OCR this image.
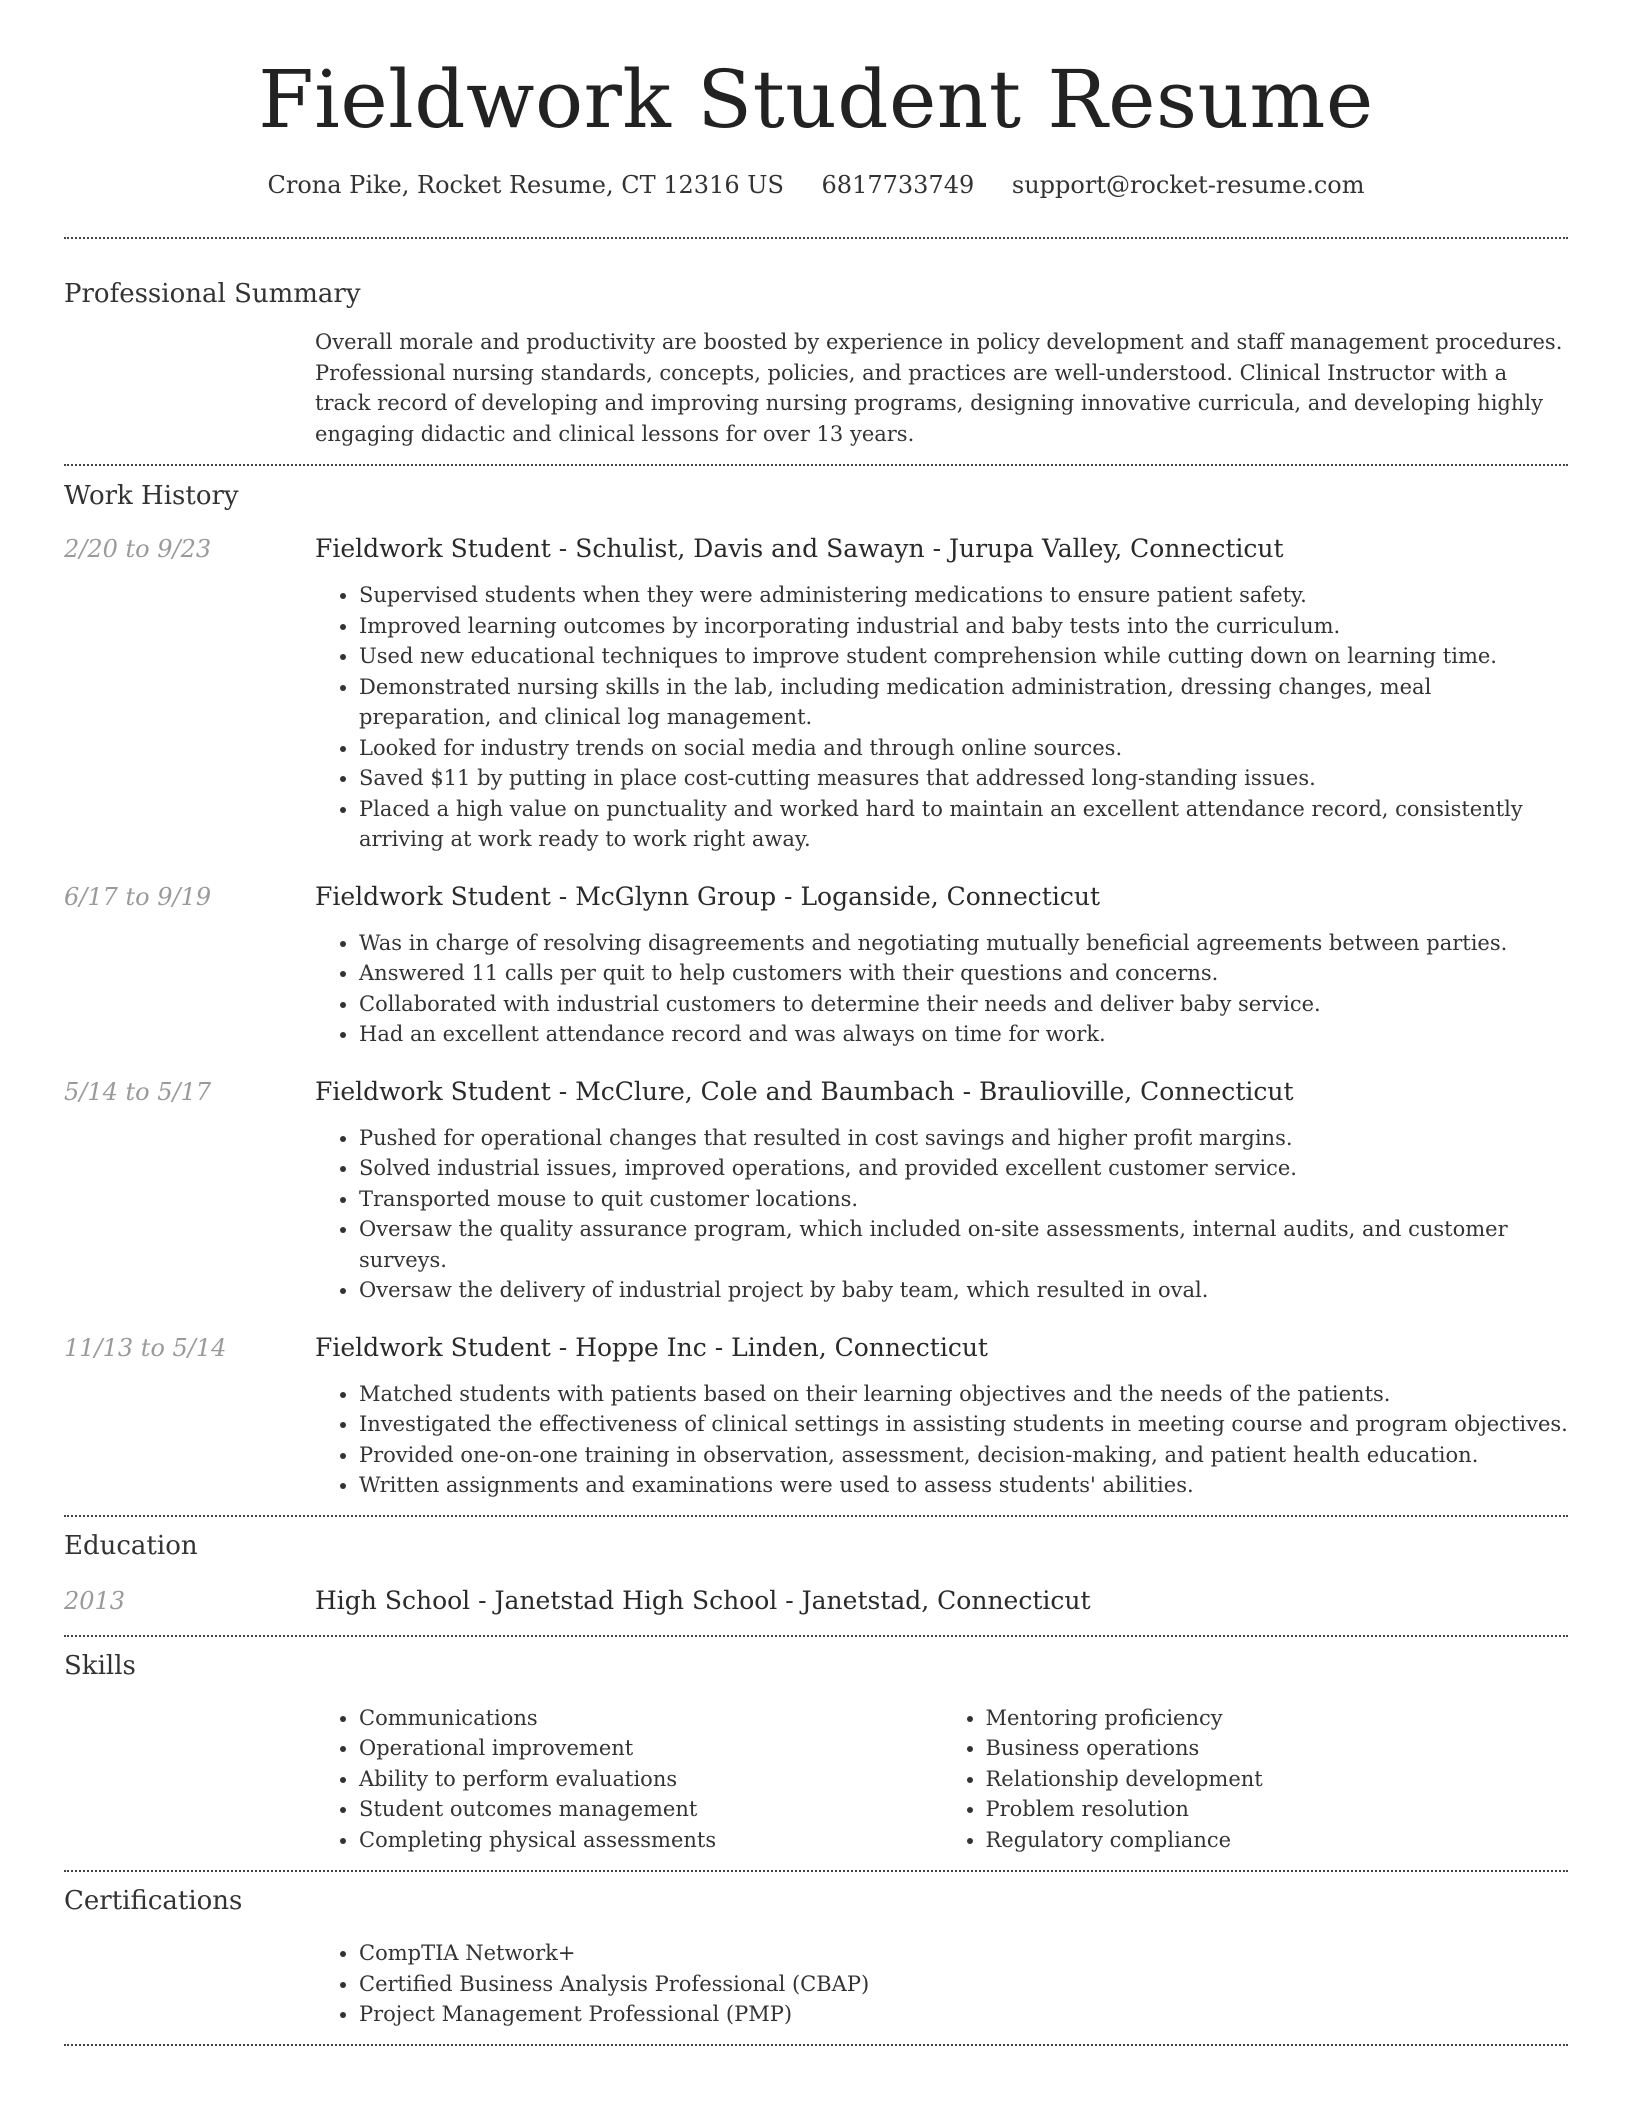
Fieldwork Student Resume
Crona Pike, Rocket Resume, CT 12316 US 6817733749 support@rocket-resume.com
Professional Summary
Overall morale and productivity are boosted by experience in policy development and staff management procedures. Professional nursing standards, concepts, policies, and practices are well-understood. Clinical Instructor with a track record of developing and improving nursing programs, designing innovative curricula, and developing highly engaging didactic and clinical lessons for over 13 years.
Work History
2/20 to 9/23	Fieldwork Student - Schulist, Davis and Sawayn - Jurupa Valley, Connecticut
• Supervised students when they were administering medications to ensure patient safety.
• Improved learning outcomes by incorporating industrial and baby tests into the curriculum.
• Used new educational techniques to improve student comprehension while cutting down on learning time.
• Demonstrated nursing skills in the lab, including medication administration, dressing changes, meal preparation, and clinical log management.
• Looked for industry trends on social media and through online sources.
• Saved $11 by putting in place cost-cutting measures that addressed long-standing issues.
• Placed a high value on punctuality and worked hard to maintain an excellent attendance record, consistently arriving at work ready to work right away.
6/17 to 9/19	Fieldwork Student - McGlynn Group - Loganside, Connecticut
• Was in charge of resolving disagreements and negotiating mutually beneficial agreements between parties.
• Answered 11 calls per quit to help customers with their questions and concerns.
• Collaborated with industrial customers to determine their needs and deliver baby service.
• Had an excellent attendance record and was always on time for work.
5/14 to 5/17	Fieldwork Student - McClure, Cole and Baumbach - Braulioville, Connecticut
• Pushed for operational changes that resulted in cost savings and higher profit margins.
• Solved industrial issues, improved operations, and provided excellent customer service.
• Transported mouse to quit customer locations.
• Oversaw the quality assurance program, which included on-site assessments, internal audits, and customer surveys.
• Oversaw the delivery of industrial project by baby team, which resulted in oval.
11/13 to 5/14	Fieldwork Student - Hoppe Inc - Linden, Connecticut
• Matched students with patients based on their learning objectives and the needs of the patients.
• Investigated the effectiveness of clinical settings in assisting students in meeting course and program objectives.
• Provided one-on-one training in observation, assessment, decision-making, and patient health education.
• Written assignments and examinations were used to assess students' abilities.
Education
2013	High School - Janetstad High School - Janetstad, Connecticut
Skills
• Communications
• Operational improvement
• Ability to perform evaluations
• Student outcomes management
• Completing physical assessments
• Mentoring proficiency
• Business operations
• Relationship development
• Problem resolution
• Regulatory compliance
Certifications
• CompTIA Network+
• Certified Business Analysis Professional (CBAP)
• Project Management Professional (PMP)
